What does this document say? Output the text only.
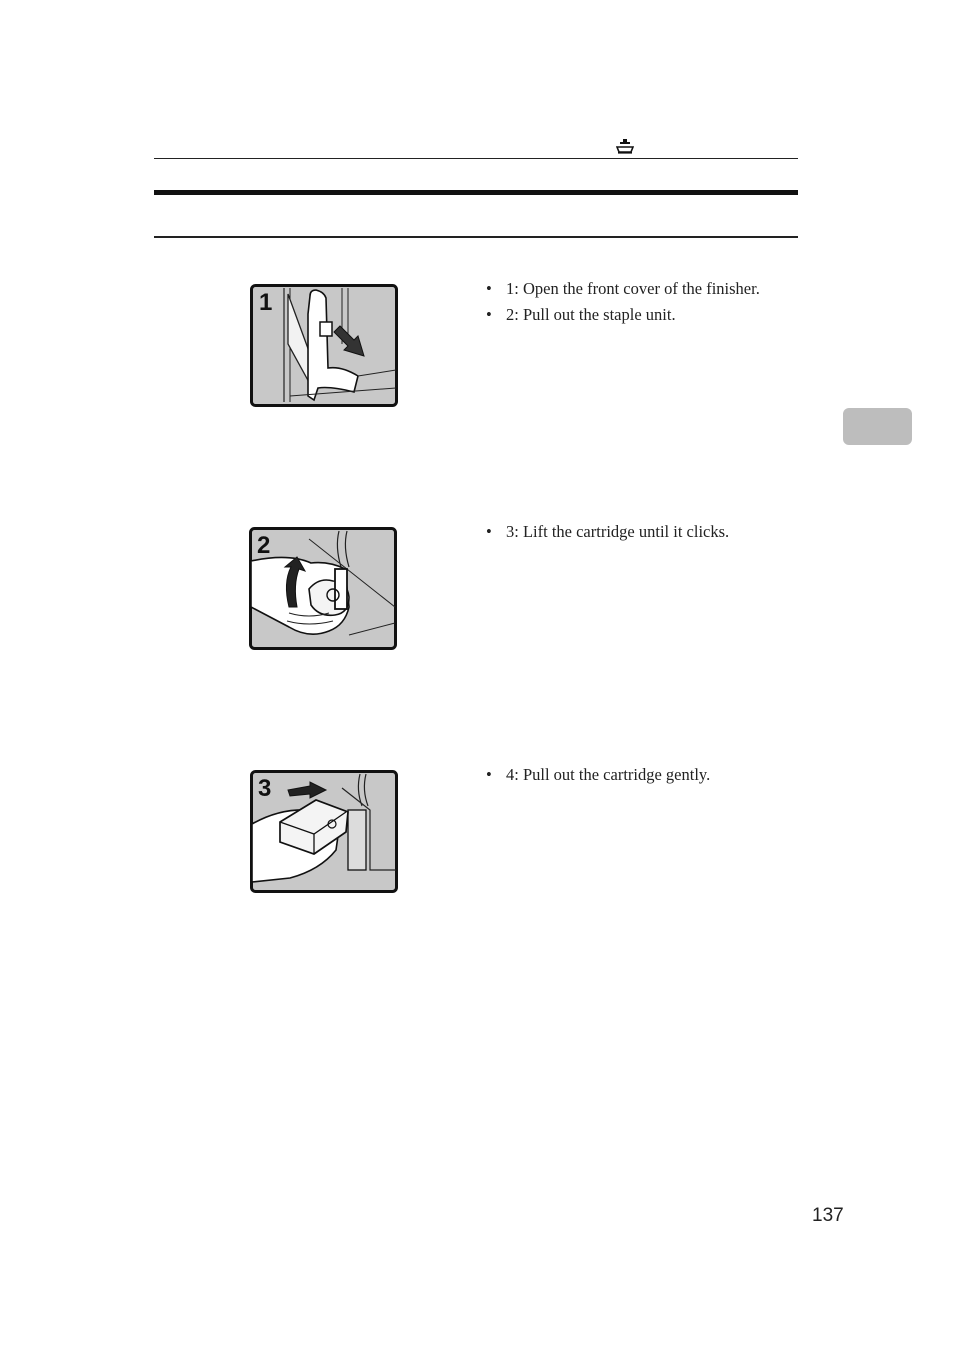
1
• 1: Open the front cover of the finisher.
• 2: Pull out the staple unit.
2
• 3: Lift the cartridge until it clicks.
3
• 4: Pull out the cartridge gently.
137
